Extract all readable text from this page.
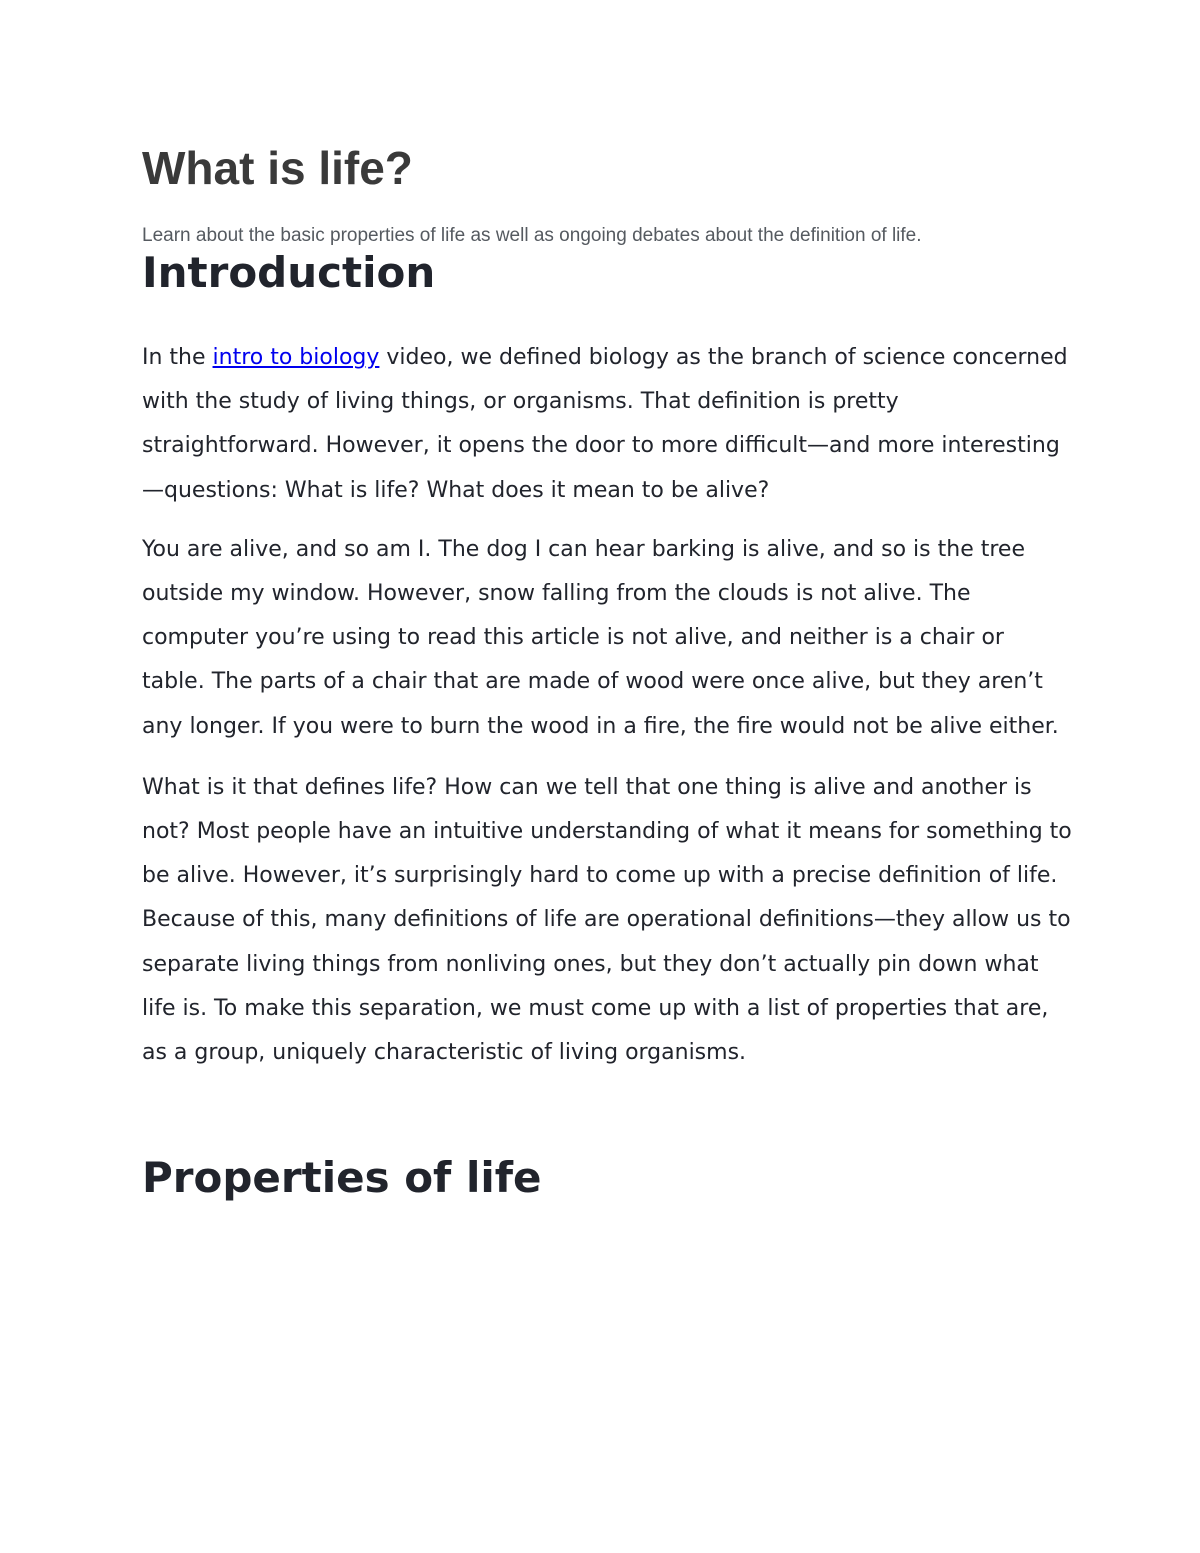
What is life?

Learn about the basic properties of life as well as ongoing debates about the definition of life.

Introduction

In the intro to biology video, we defined biology as the branch of science concerned with the study of living things, or organisms. That definition is pretty straightforward. However, it opens the door to more difficult—and more interesting—questions: What is life? What does it mean to be alive?

You are alive, and so am I. The dog I can hear barking is alive, and so is the tree outside my window. However, snow falling from the clouds is not alive. The computer you’re using to read this article is not alive, and neither is a chair or table. The parts of a chair that are made of wood were once alive, but they aren’t any longer. If you were to burn the wood in a fire, the fire would not be alive either.

What is it that defines life? How can we tell that one thing is alive and another is not? Most people have an intuitive understanding of what it means for something to be alive. However, it’s surprisingly hard to come up with a precise definition of life. Because of this, many definitions of life are operational definitions—they allow us to separate living things from nonliving ones, but they don’t actually pin down what life is. To make this separation, we must come up with a list of properties that are, as a group, uniquely characteristic of living organisms.

Properties of life
